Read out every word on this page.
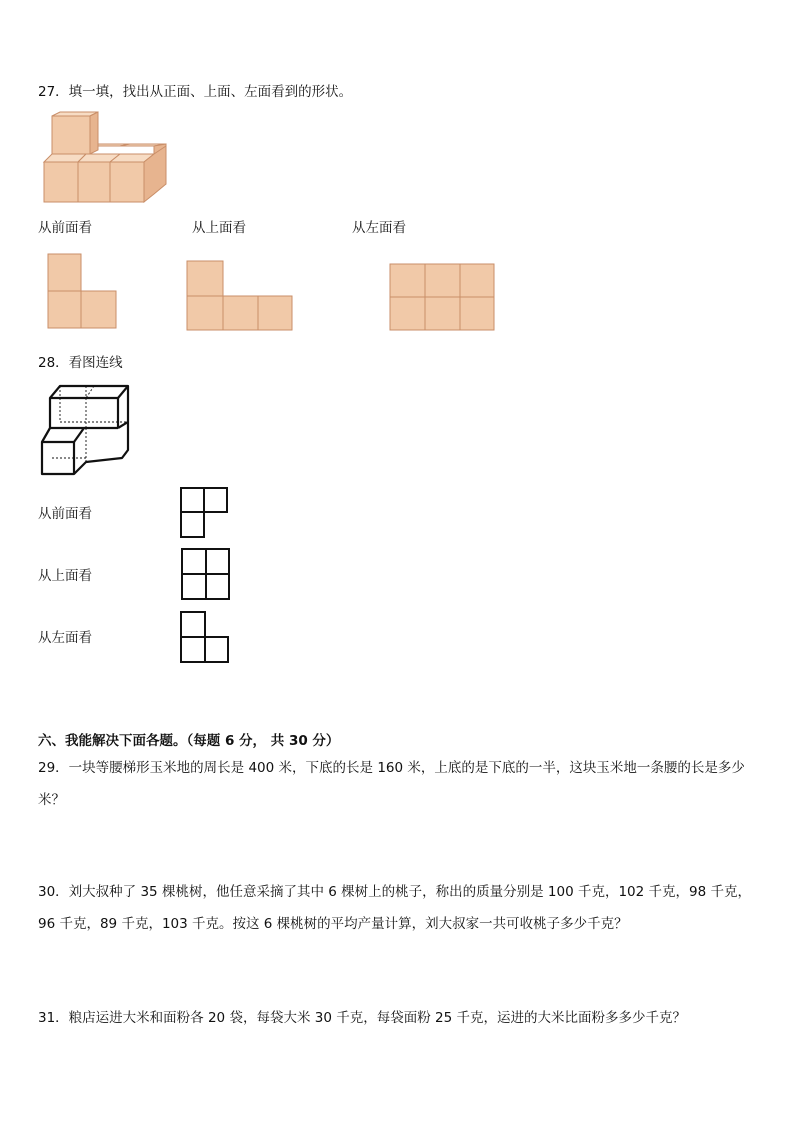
27．填一填，找出从正面、上面、左面看到的形状。
从前面看	从上面看	从左面看
28．看图连线
从前面看
从上面看
从左面看
六、我能解决下面各题。（每题 6 分， 共 30 分）
29．一块等腰梯形玉米地的周长是 400 米，下底的长是 160 米，上底的是下底的一半，这块玉米地一条腰的长是多少米？
30．刘大叔种了 35 棵桃树，他任意采摘了其中 6 棵树上的桃子，称出的质量分别是 100 千克，102 千克，98 千克，96 千克，89 千克，103 千克。按这 6 棵桃树的平均产量计算，刘大叔家一共可收桃子多少千克？
31．粮店运进大米和面粉各 20 袋，每袋大米 30 千克，每袋面粉 25 千克，运进的大米比面粉多多少千克？
